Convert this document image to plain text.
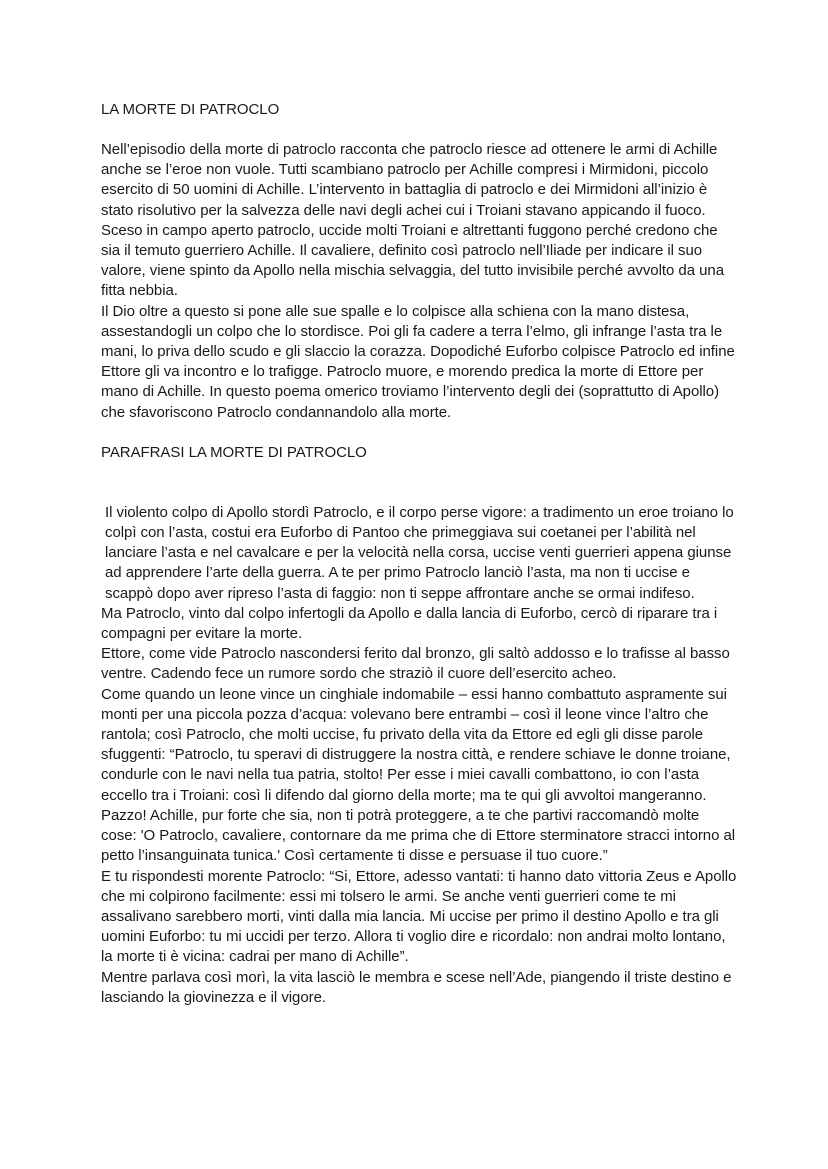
LA MORTE DI PATROCLO

Nell’episodio della morte di patroclo racconta che patroclo riesce ad ottenere le armi di Achille anche se l’eroe non vuole. Tutti scambiano patroclo per Achille compresi i Mirmidoni, piccolo esercito di 50 uomini di Achille. L’intervento in battaglia di patroclo e dei Mirmidoni all’inizio è stato risolutivo per la salvezza delle navi degli achei cui i Troiani stavano appicando il fuoco. Sceso in campo aperto patroclo, uccide molti Troiani e altrettanti fuggono perché credono che sia il temuto guerriero Achille. Il cavaliere, definito così patroclo nell’Iliade per indicare il suo valore, viene spinto da Apollo nella mischia selvaggia, del tutto invisibile perché avvolto da una fitta nebbia.

Il Dio oltre a questo si pone alle sue spalle e lo colpisce alla schiena con la mano distesa, assestandogli un colpo che lo stordisce. Poi gli fa cadere a terra l’elmo, gli infrange l’asta tra le mani, lo priva dello scudo e gli slaccio la corazza. Dopodiché Euforbo colpisce Patroclo ed infine Ettore gli va incontro e lo trafigge. Patroclo muore, e morendo predica la morte di Ettore per mano di Achille. In questo poema omerico troviamo l’intervento degli dei (soprattutto di Apollo) che sfavoriscono Patroclo condannandolo alla morte.

PARAFRASI LA MORTE DI PATROCLO

Il violento colpo di Apollo stordì Patroclo, e il corpo perse vigore: a tradimento un eroe troiano lo colpì con l’asta, costui era Euforbo di Pantoo che primeggiava sui coetanei per l’abilità nel lanciare l’asta e nel cavalcare e per la velocità nella corsa, uccise venti guerrieri appena giunse ad apprendere l’arte della guerra. A te per primo Patroclo lanciò l’asta, ma non ti uccise e scappò dopo aver ripreso l’asta di faggio: non ti seppe affrontare anche se ormai indifeso.

Ma Patroclo, vinto dal colpo infertogli da Apollo e dalla lancia di Euforbo, cercò di riparare tra i compagni per evitare la morte.

Ettore, come vide Patroclo nascondersi ferito dal bronzo, gli saltò addosso e lo trafisse al basso ventre. Cadendo fece un rumore sordo che straziò il cuore dell’esercito acheo.

Come quando un leone vince un cinghiale indomabile – essi hanno combattuto aspramente sui monti per una piccola pozza d’acqua: volevano bere entrambi – così il leone vince l’altro che rantola; così Patroclo, che molti uccise, fu privato della vita da Ettore ed egli gli disse parole sfuggenti: “Patroclo, tu speravi di distruggere la nostra città, e rendere schiave le donne troiane, condurle con le navi nella tua patria, stolto! Per esse i miei cavalli combattono, io con l’asta eccello tra i Troiani: così li difendo dal giorno della morte; ma te qui gli avvoltoi mangeranno. Pazzo! Achille, pur forte che sia, non ti potrà proteggere, a te che partivi raccomandò molte cose: 'O Patroclo, cavaliere, contornare da me prima che di Ettore sterminatore stracci intorno al petto l’insanguinata tunica.' Così certamente ti disse e persuase il tuo cuore.”

E tu rispondesti morente Patroclo: “Si, Ettore, adesso vantati: ti hanno dato vittoria Zeus e Apollo che mi colpirono facilmente: essi mi tolsero le armi. Se anche venti guerrieri come te mi assalivano sarebbero morti, vinti dalla mia lancia. Mi uccise per primo il destino Apollo e tra gli uomini Euforbo: tu mi uccidi per terzo. Allora ti voglio dire e ricordalo: non andrai molto lontano, la morte ti è vicina: cadrai per mano di Achille”.

Mentre parlava così morì, la vita lasciò le membra e scese nell’Ade, piangendo il triste destino e lasciando la giovinezza e il vigore.
